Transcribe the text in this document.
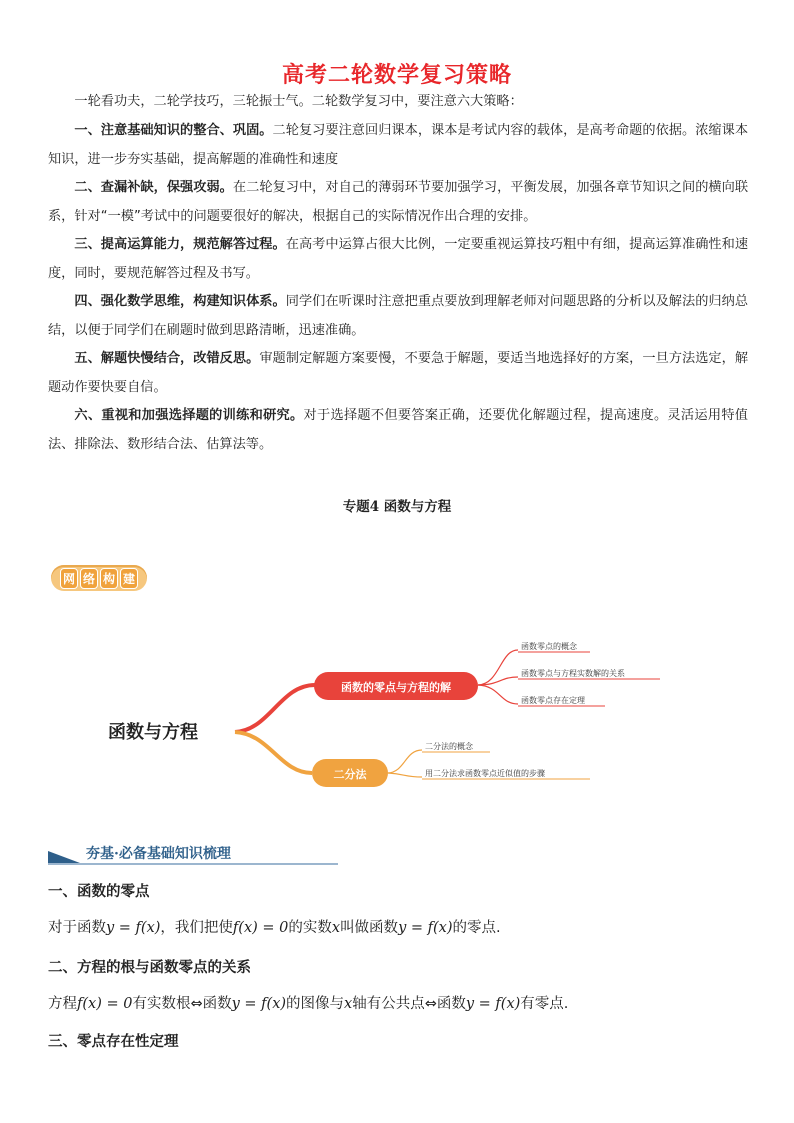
高考二轮数学复习策略
一轮看功夫，二轮学技巧，三轮振士气。二轮数学复习中，要注意六大策略：
一、注意基础知识的整合、巩固。二轮复习要注意回归课本，课本是考试内容的载体，是高考命题的依据。浓缩课本知识，进一步夯实基础，提高解题的准确性和速度
二、查漏补缺，保强攻弱。在二轮复习中，对自己的薄弱环节要加强学习，平衡发展，加强各章节知识之间的横向联系，针对“一模”考试中的问题要很好的解决，根据自己的实际情况作出合理的安排。
三、提高运算能力，规范解答过程。在高考中运算占很大比例，一定要重视运算技巧粗中有细，提高运算准确性和速度，同时，要规范解答过程及书写。
四、强化数学思维，构建知识体系。同学们在听课时注意把重点要放到理解老师对问题思路的分析以及解法的归纳总结，以便于同学们在刷题时做到思路清晰，迅速准确。
五、解题快慢结合，改错反思。审题制定解题方案要慢，不要急于解题，要适当地选择好的方案，一旦方法选定，解题动作要快要自信。
六、重视和加强选择题的训练和研究。对于选择题不但要答案正确，还要优化解题过程，提高速度。灵活运用特值法、排除法、数形结合法、估算法等。
专题4 函数与方程
网 络 构 建
函数与方程
函数的零点与方程的解
二分法
函数零点的概念
函数零点与方程实数解的关系
函数零点存在定理
二分法的概念
用二分法求函数零点近似值的步骤
夯基·必备基础知识梳理
一、函数的零点
对于函数y = f(x)，我们把使f(x) = 0的实数x叫做函数y = f(x)的零点.
二、方程的根与函数零点的关系
方程f(x) = 0有实数根⇔函数y = f(x)的图像与x轴有公共点⇔函数y = f(x)有零点.
三、零点存在性定理
